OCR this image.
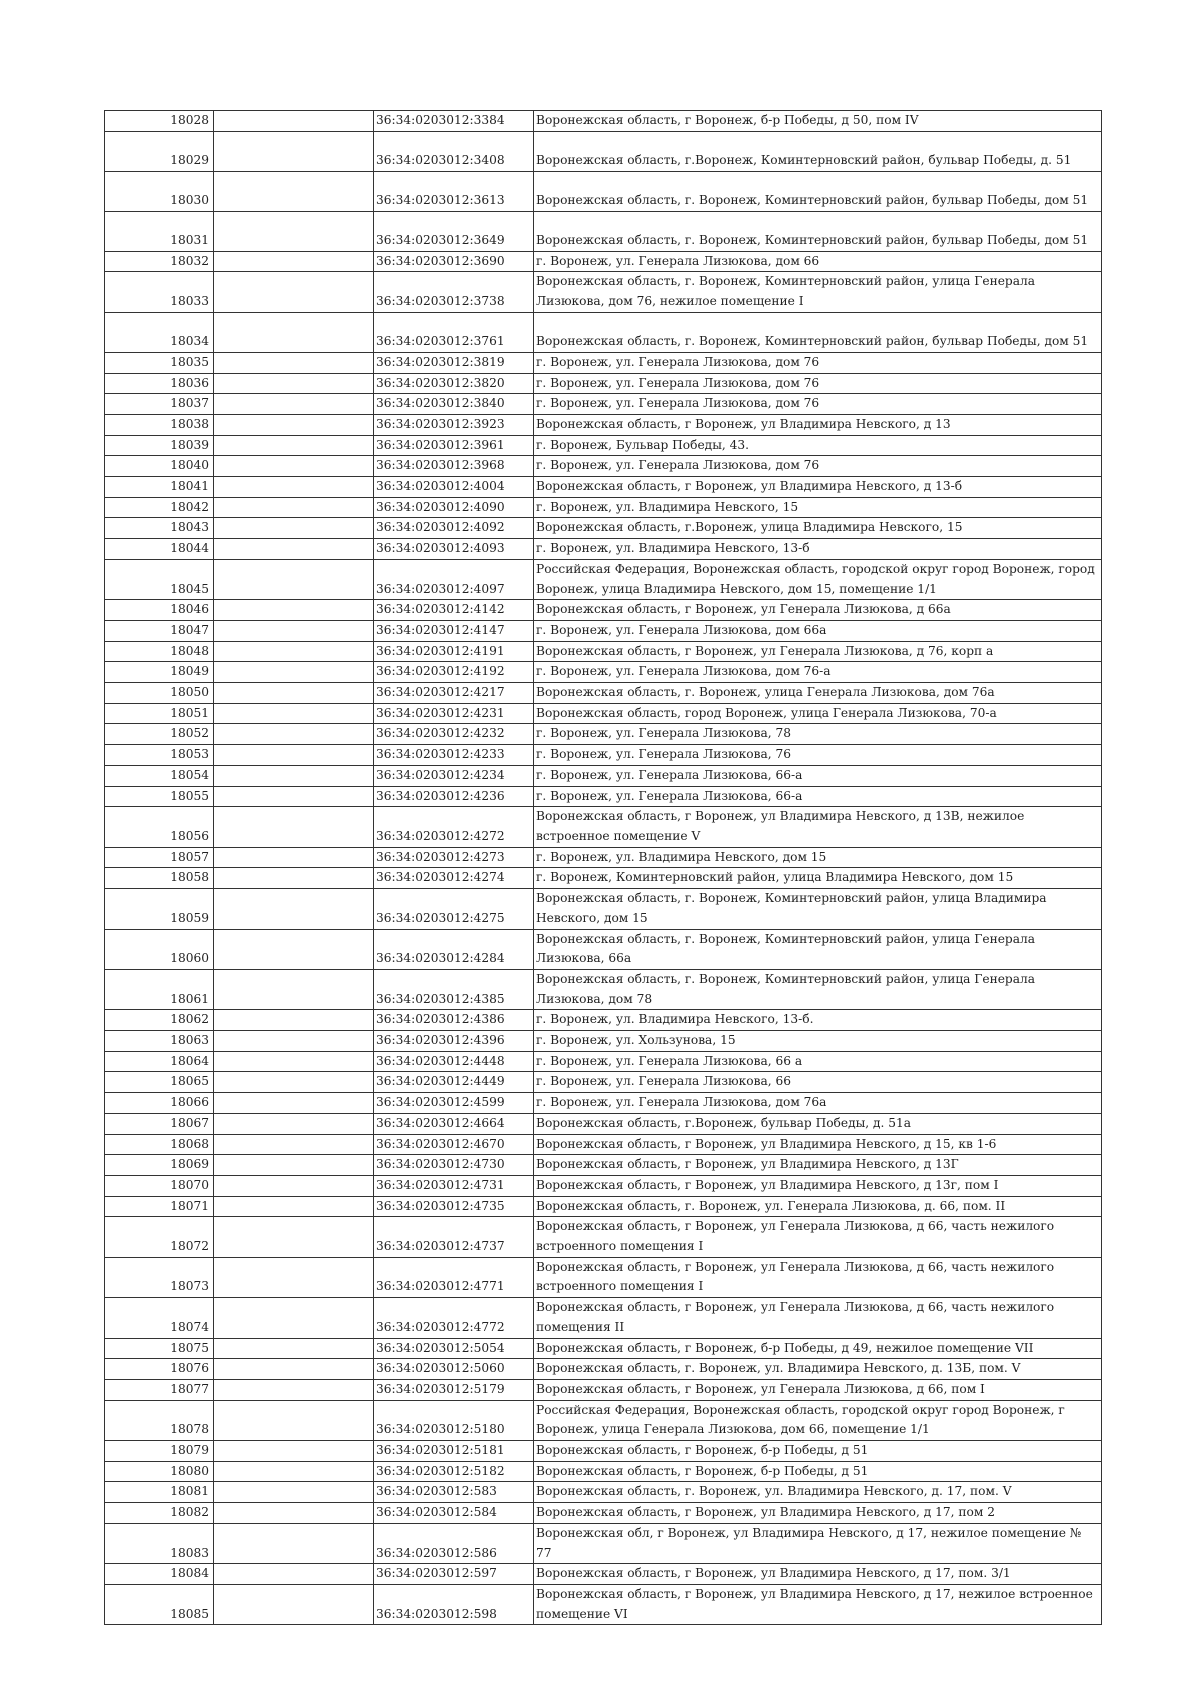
18028		36:34:0203012:3384	Воронежская область, г Воронеж, б-р Победы, д 50, пом IV
18029		36:34:0203012:3408	Воронежская область, г.Воронеж, Коминтерновский район, бульвар Победы, д. 51
18030		36:34:0203012:3613	Воронежская область, г. Воронеж, Коминтерновский район, бульвар Победы, дом 51
18031		36:34:0203012:3649	Воронежская область, г. Воронеж, Коминтерновский район, бульвар Победы, дом 51
18032		36:34:0203012:3690	г. Воронеж, ул. Генерала Лизюкова, дом 66
18033		36:34:0203012:3738	Воронежская область, г. Воронеж, Коминтерновский район, улица Генерала Лизюкова, дом 76, нежилое помещение I
18034		36:34:0203012:3761	Воронежская область, г. Воронеж, Коминтерновский район, бульвар Победы, дом 51
18035		36:34:0203012:3819	г. Воронеж, ул. Генерала Лизюкова, дом 76
18036		36:34:0203012:3820	г. Воронеж, ул. Генерала Лизюкова, дом 76
18037		36:34:0203012:3840	г. Воронеж, ул. Генерала Лизюкова, дом 76
18038		36:34:0203012:3923	Воронежская область, г Воронеж, ул Владимира Невского, д 13
18039		36:34:0203012:3961	г. Воронеж, Бульвар Победы, 43.
18040		36:34:0203012:3968	г. Воронеж, ул. Генерала Лизюкова, дом 76
18041		36:34:0203012:4004	Воронежская область, г Воронеж, ул Владимира Невского, д 13-б
18042		36:34:0203012:4090	г. Воронеж, ул. Владимира Невского, 15
18043		36:34:0203012:4092	Воронежская область, г.Воронеж, улица Владимира Невского, 15
18044		36:34:0203012:4093	г. Воронеж, ул. Владимира Невского, 13-б
18045		36:34:0203012:4097	Российская Федерация, Воронежская область, городской округ город Воронеж, город Воронеж, улица Владимира Невского, дом 15, помещение 1/1
18046		36:34:0203012:4142	Воронежская область, г Воронеж, ул Генерала Лизюкова, д 66а
18047		36:34:0203012:4147	г. Воронеж, ул. Генерала Лизюкова, дом 66а
18048		36:34:0203012:4191	Воронежская область, г Воронеж, ул Генерала Лизюкова, д 76, корп а
18049		36:34:0203012:4192	г. Воронеж, ул. Генерала Лизюкова, дом 76-а
18050		36:34:0203012:4217	Воронежская область, г. Воронеж, улица Генерала Лизюкова, дом 76а
18051		36:34:0203012:4231	Воронежская область, город Воронеж, улица Генерала Лизюкова, 70-а
18052		36:34:0203012:4232	г. Воронеж, ул. Генерала Лизюкова, 78
18053		36:34:0203012:4233	г. Воронеж, ул. Генерала Лизюкова, 76
18054		36:34:0203012:4234	г. Воронеж, ул. Генерала Лизюкова, 66-а
18055		36:34:0203012:4236	г. Воронеж, ул. Генерала Лизюкова, 66-а
18056		36:34:0203012:4272	Воронежская область, г Воронеж, ул Владимира Невского, д 13В, нежилое встроенное помещение V
18057		36:34:0203012:4273	г. Воронеж, ул. Владимира Невского, дом 15
18058		36:34:0203012:4274	г. Воронеж, Коминтерновский район, улица Владимира Невского, дом 15
18059		36:34:0203012:4275	Воронежская область, г. Воронеж, Коминтерновский район, улица Владимира Невского, дом 15
18060		36:34:0203012:4284	Воронежская область, г. Воронеж, Коминтерновский район, улица Генерала Лизюкова, 66а
18061		36:34:0203012:4385	Воронежская область, г. Воронеж, Коминтерновский район, улица Генерала Лизюкова, дом 78
18062		36:34:0203012:4386	г. Воронеж, ул. Владимира Невского, 13-б.
18063		36:34:0203012:4396	г. Воронеж, ул. Хользунова, 15
18064		36:34:0203012:4448	г. Воронеж, ул. Генерала Лизюкова, 66 а
18065		36:34:0203012:4449	г. Воронеж, ул. Генерала Лизюкова, 66
18066		36:34:0203012:4599	г. Воронеж, ул. Генерала Лизюкова, дом 76а
18067		36:34:0203012:4664	Воронежская область, г.Воронеж, бульвар Победы, д. 51а
18068		36:34:0203012:4670	Воронежская область, г Воронеж, ул Владимира Невского, д 15, кв 1-6
18069		36:34:0203012:4730	Воронежская область, г Воронеж, ул Владимира Невского, д 13Г
18070		36:34:0203012:4731	Воронежская область, г Воронеж, ул Владимира Невского, д 13г, пом I
18071		36:34:0203012:4735	Воронежская область, г. Воронеж, ул. Генерала Лизюкова, д. 66, пом. II
18072		36:34:0203012:4737	Воронежская область, г Воронеж, ул Генерала Лизюкова, д 66, часть нежилого встроенного помещения I
18073		36:34:0203012:4771	Воронежская область, г Воронеж, ул Генерала Лизюкова, д 66, часть нежилого встроенного помещения I
18074		36:34:0203012:4772	Воронежская область, г Воронеж, ул Генерала Лизюкова, д 66, часть нежилого помещения II
18075		36:34:0203012:5054	Воронежская область, г Воронеж, б-р Победы, д 49, нежилое помещение VII
18076		36:34:0203012:5060	Воронежская область, г. Воронеж, ул. Владимира Невского, д. 13Б, пом. V
18077		36:34:0203012:5179	Воронежская область, г Воронеж, ул Генерала Лизюкова, д 66, пом I
18078		36:34:0203012:5180	Российская Федерация, Воронежская область, городской округ город Воронеж, г Воронеж, улица Генерала Лизюкова, дом 66, помещение 1/1
18079		36:34:0203012:5181	Воронежская область, г Воронеж, б-р Победы, д 51
18080		36:34:0203012:5182	Воронежская область, г Воронеж, б-р Победы, д 51
18081		36:34:0203012:583	Воронежская область, г. Воронеж, ул. Владимира Невского, д. 17, пом. V
18082		36:34:0203012:584	Воронежская область, г Воронеж, ул Владимира Невского, д 17, пом 2
18083		36:34:0203012:586	Воронежская обл, г Воронеж, ул Владимира Невского, д 17, нежилое помещение № 77
18084		36:34:0203012:597	Воронежская область, г Воронеж, ул Владимира Невского, д 17, пом. 3/1
18085		36:34:0203012:598	Воронежская область, г Воронеж, ул Владимира Невского, д 17, нежилое встроенное помещение VI
